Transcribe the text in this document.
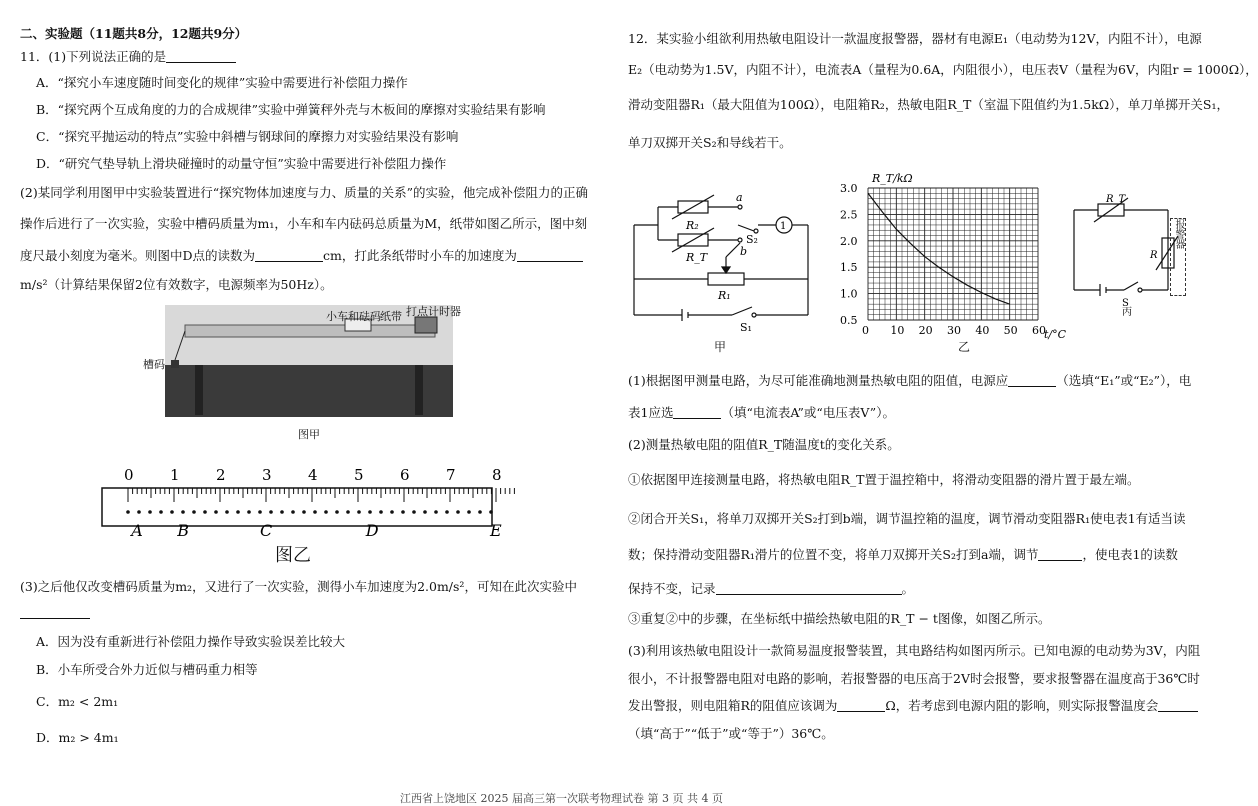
二、实验题（11题共8分，12题共9分）
11．(1)下列说法正确的是
A．“探究小车速度随时间变化的规律”实验中需要进行补偿阻力操作
B．“探究两个互成角度的力的合成规律”实验中弹簧秤外壳与木板间的摩擦对实验结果有影响
C．“探究平抛运动的特点”实验中斜槽与钢球间的摩擦力对实验结果没有影响
D．“研究气垫导轨上滑块碰撞时的动量守恒”实验中需要进行补偿阻力操作
(2)某同学利用图甲中实验装置进行“探究物体加速度与力、质量的关系”的实验，他完成补偿阻力的正确
操作后进行了一次实验，实验中槽码质量为m₁，小车和车内砝码总质量为M，纸带如图乙所示，图中刻
度尺最小刻度为毫米。则图中D点的读数为	cm，打此条纸带时小车的加速度为
m/s²（计算结果保留2位有效数字，电源频率为50Hz）。
小车和砝码 纸带 打点计时器
槽码
图甲
0 1 2 3 4 5 6 7 8
A B	C	D	E
图乙
(3)之后他仅改变槽码质量为m₂，又进行了一次实验，测得小车加速度为2.0m/s²，可知在此次实验中
A．因为没有重新进行补偿阻力操作导致实验误差比较大
B．小车所受合外力近似与槽码重力相等
C．m₂ < 2m₁
D．m₂ > 4m₁
12．某实验小组欲利用热敏电阻设计一款温度报警器，器材有电源E₁（电动势为12V，内阻不计），电源
E₂（电动势为1.5V，内阻不计），电流表A（量程为0.6A，内阻很小），电压表V（量程为6V，内阻r = 1000Ω），
滑动变阻器R₁（最大阻值为100Ω），电阻箱R₂，热敏电阻R_T（室温下阻值约为1.5kΩ），单刀单掷开关S₁，
单刀双掷开关S₂和导线若干。
R₂
R_T
a
b
S₂
1
R₁
S₁
甲
3.0
2.5
2.0
1.5
1.0
0.5
0 10 20 30 40 50 60
R_T/kΩ
t/°C
乙
R_T
R
S
丙
报警器
(1)根据图甲测量电路，为尽可能准确地测量热敏电阻的阻值，电源应	（选填“E₁”或“E₂”），电
表1应选	（填“电流表A”或“电压表V”）。
(2)测量热敏电阻的阻值R_T随温度t的变化关系。
①依据图甲连接测量电路，将热敏电阻R_T置于温控箱中，将滑动变阻器的滑片置于最左端。
②闭合开关S₁，将单刀双掷开关S₂打到b端，调节温控箱的温度，调节滑动变阻器R₁使电表1有适当读
数；保持滑动变阻器R₁滑片的位置不变，将单刀双掷开关S₂打到a端，调节	，使电表1的读数
保持不变，记录	。
③重复②中的步骤，在坐标纸中描绘热敏电阻的R_T − t图像，如图乙所示。
(3)利用该热敏电阻设计一款简易温度报警装置，其电路结构如图丙所示。已知电源的电动势为3V，内阻
很小，不计报警器电阻对电路的影响，若报警器的电压高于2V时会报警，要求报警器在温度高于36℃时
发出警报，则电阻箱R的阻值应该调为	Ω，若考虑到电源内阻的影响，则实际报警温度会
（填“高于”“低于”或“等于”）36℃。
江西省上饶地区 2025 届高三第一次联考物理试卷 第 3 页 共 4 页
